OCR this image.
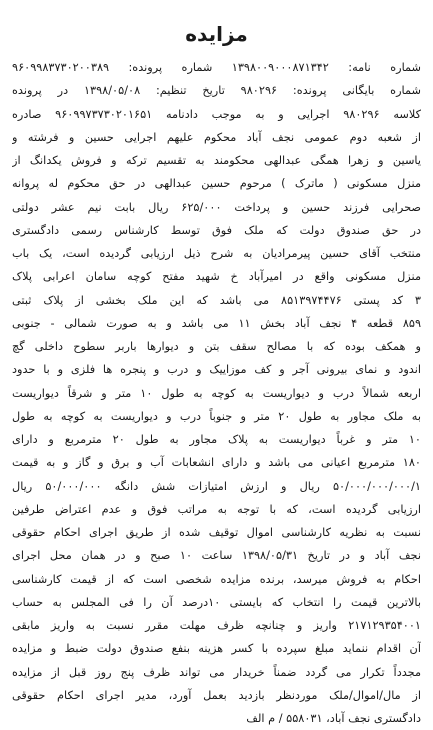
مزایده
شماره نامه: ۱۳۹۸۰۰۹۰۰۰۸۷۱۳۴۲ شماره پرونده: ۹۶۰۹۹۸۳۷۳۰۲۰۰۳۸۹
شماره بایگانی پرونده: ۹۸۰۲۹۶ تاریخ تنظیم: ۱۳۹۸/۰۵/۰۸ در پرونده
کلاسه ۹۸۰۲۹۶ اجرایی و به موجب دادنامه ۹۶۰۹۹۷۳۷۳۰۲۰۱۶۵۱ صادره
از شعبه دوم عمومی نجف آباد محکوم علیهم اجرایی حسین و فرشته و
یاسین و زهرا همگی عبدالهی محکومند به تقسیم ترکه و فروش یکدانگ از
منزل مسکونی ( ماترک ) مرحوم حسین عبدالهی در حق محکوم له پروانه
صحرایی فرزند حسین و پرداخت ۶۲۵/۰۰۰ ریال بابت نیم عشر دولتی
در حق صندوق دولت که ملک فوق توسط کارشناس رسمی دادگستری
منتخب آقای حسین پیرمرادیان به شرح ذیل ارزیابی گردیده است، یک باب
منزل مسکونی واقع در امیرآباد خ شهید مفتح کوچه سامان اعرابی پلاک
۳ کد پستی ۸۵۱۳۹۷۴۴۷۶ می باشد که این ملک بخشی از پلاک ثبتی
۸۵۹ قطعه ۴ نجف آباد بخش ۱۱ می باشد و به صورت شمالی - جنوبی
و همکف بوده که با مصالح سقف بتن و دیوارها باربر سطوح داخلی گچ
اندود و نمای بیرونی آجر و کف موزاییک و درب و پنجره ها فلزی و با حدود
اربعه شمالاً درب و دیواریست به کوچه به طول ۱۰ متر و شرقاً دیواریست
به ملک مجاور به طول ۲۰ متر و جنوباً درب و دیواریست به کوچه به طول
۱۰ متر و غرباً دیواریست به پلاک مجاور به طول ۲۰ مترمربع و دارای
۱۸۰ مترمربع اعیانی می باشد و دارای انشعابات آب و برق و گاز و به قیمت
۵۰/۰۰۰/۰۰۰/۰۰۰/۱ ریال و ارزش امتیازات شش دانگه ۵۰/۰۰۰/۰۰۰ ریال
ارزیابی گردیده است، که با توجه به مراتب فوق و عدم اعتراض طرفین
نسبت به نظریه کارشناسی اموال توقیف شده از طریق اجرای احکام حقوقی
نجف آباد و در تاریخ ۱۳۹۸/۰۵/۳۱ ساعت ۱۰ صبح و در همان محل اجرای
احکام به فروش میرسد، برنده مزایده شخصی است که از قیمت کارشناسی
بالاترین قیمت را انتخاب که بایستی ۱۰درصد آن را فی المجلس به حساب
۲۱۷۱۲۹۳۵۴۰۰۱ واریز و چنانچه ظرف مهلت مقرر نسبت به واریز مابقی
آن اقدام ننماید مبلغ سپرده با کسر هزینه بنفع صندوق دولت ضبط و مزایده
مجدداً تکرار می گردد ضمناً خریدار می تواند ظرف پنج روز قبل از مزایده
از مال/اموال/ملک موردنظر بازدید بعمل آورد، مدیر اجرای احکام حقوقی
دادگستری نجف آباد، ۵۵۸۰۳۱ / م الف
